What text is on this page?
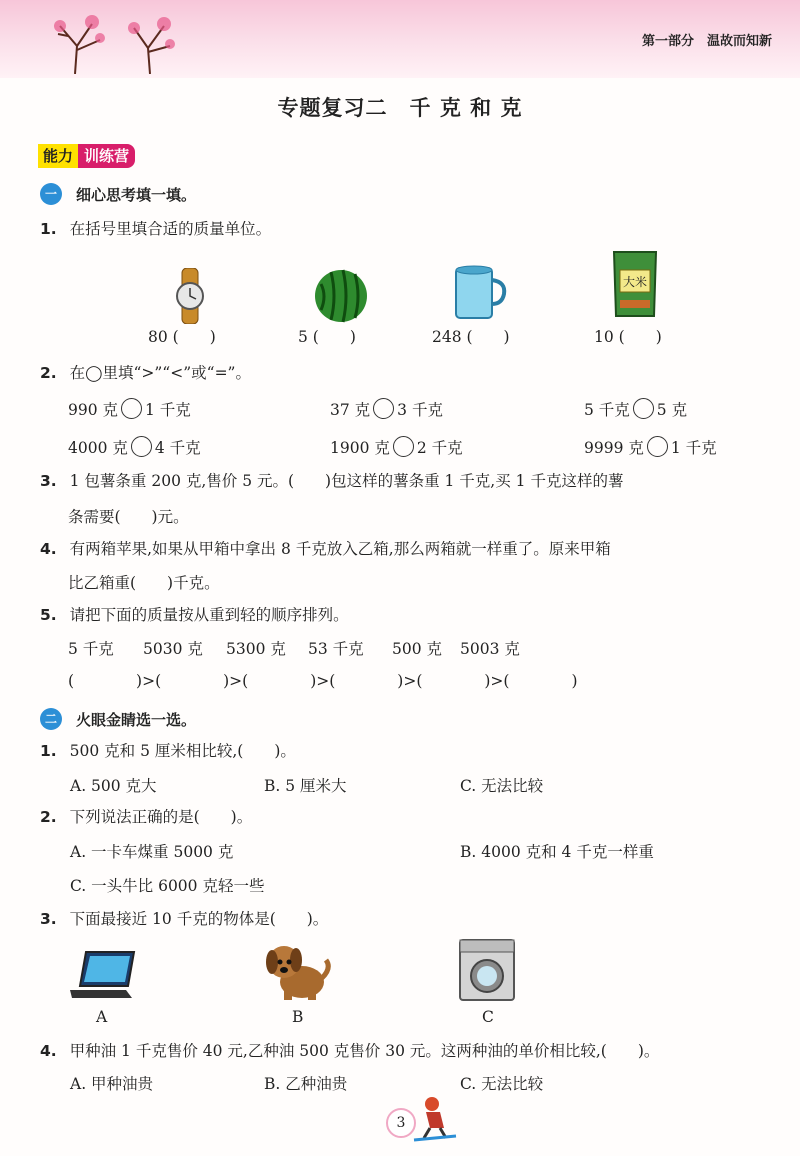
第一部分　温故而知新
专题复习二　千 克 和 克
能力 训练营
一	细心思考填一填。
1. 在括号里填合适的质量单位。
大米
80 (　　)	5 (　　)	248 (　　)	10 (　　)
2. 在◯里填“>”“<”或“=”。
990 克 1 千克	37 克 3 千克	5 千克 5 克
4000 克 4 千克	1900 克 2 千克	9999 克 1 千克
3. 1 包薯条重 200 克,售价 5 元。(　　)包这样的薯条重 1 千克,买 1 千克这样的薯
条需要(　　)元。
4. 有两箱苹果,如果从甲箱中拿出 8 千克放入乙箱,那么两箱就一样重了。原来甲箱
比乙箱重(　　)千克。
5. 请把下面的质量按从重到轻的顺序排列。
5 千克 5030 克 5300 克 53 千克 500 克 5003 克
(　　　　)>(　　　　)>(　　　　)>(　　　　)>(　　　　)>(　　　　)
二	火眼金睛选一选。
1. 500 克和 5 厘米相比较,(　　)。
A. 500 克大	B. 5 厘米大	C. 无法比较
2. 下列说法正确的是(　　)。
A. 一卡车煤重 5000 克	B. 4000 克和 4 千克一样重
C. 一头牛比 6000 克轻一些
3. 下面最接近 10 千克的物体是(　　)。
A	B	C
4. 甲种油 1 千克售价 40 元,乙种油 500 克售价 30 元。这两种油的单价相比较,(　　)。
A. 甲种油贵	B. 乙种油贵	C. 无法比较
3
